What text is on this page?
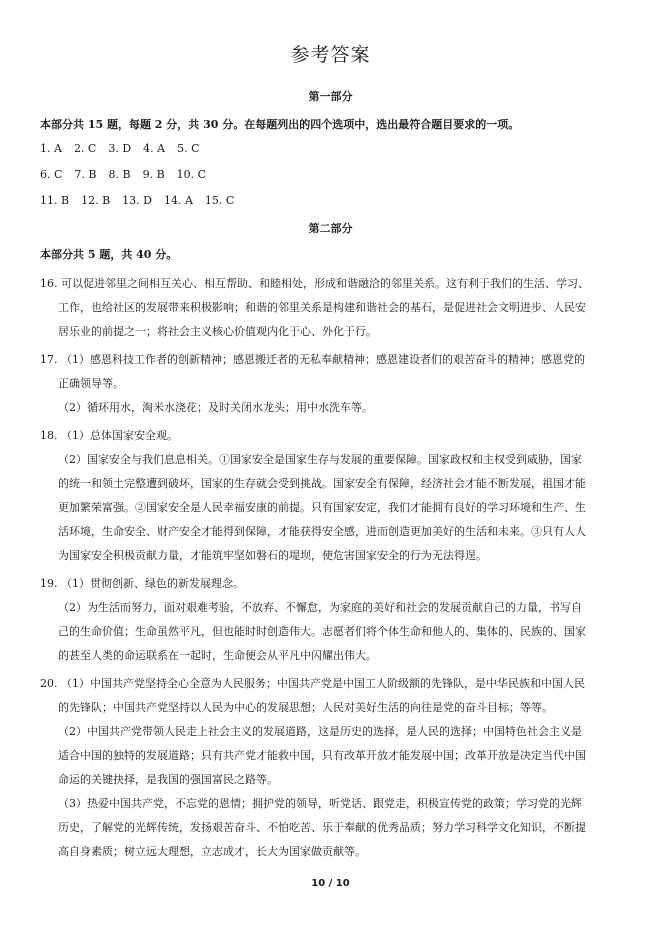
参考答案
第一部分
本部分共 15 题，每题 2 分，共 30 分。在每题列出的四个选项中，选出最符合题目要求的一项。
1. A 2. C 3. D 4. A 5. C
6. C 7. B 8. B 9. B 10. C
11. B 12. B 13. D 14. A 15. C
第二部分
本部分共 5 题，共 40 分。
16. 可以促进邻里之间相互关心、相互帮助、和睦相处，形成和谐融洽的邻里关系。这有利于我们的生活、学习、
工作，也给社区的发展带来积极影响；和谐的邻里关系是构建和谐社会的基石，是促进社会文明进步、人民安
居乐业的前提之一；将社会主义核心价值观内化于心、外化于行。
17. （1）感恩科技工作者的创新精神；感恩搬迁者的无私奉献精神；感恩建设者们的艰苦奋斗的精神；感恩党的
正确领导等。
（2）循环用水，淘米水浇花；及时关闭水龙头；用中水洗车等。
18. （1）总体国家安全观。
（2）国家安全与我们息息相关。①国家安全是国家生存与发展的重要保障。国家政权和主权受到威胁，国家
的统一和领土完整遭到破坏，国家的生存就会受到挑战。国家安全有保障，经济社会才能不断发展，祖国才能
更加繁荣富强。②国家安全是人民幸福安康的前提。只有国家安定，我们才能拥有良好的学习环境和生产、生
活环境，生命安全、财产安全才能得到保障，才能获得安全感，进而创造更加美好的生活和未来。③只有人人
为国家安全积极贡献力量，才能筑牢坚如磐石的堤坝，使危害国家安全的行为无法得逞。
19. （1）贯彻创新、绿色的新发展理念。
（2）为生活而努力，面对艰难考验，不放弃、不懈怠，为家庭的美好和社会的发展贡献自己的力量，书写自
己的生命价值；生命虽然平凡，但也能时时创造伟大。志愿者们将个体生命和他人的、集体的、民族的、国家
的甚至人类的命运联系在一起时，生命便会从平凡中闪耀出伟大。
20. （1）中国共产党坚持全心全意为人民服务；中国共产党是中国工人阶级额的先锋队，是中华民族和中国人民
的先锋队；中国共产党坚持以人民为中心的发展思想；人民对美好生活的向往是党的奋斗目标；等等。
（2）中国共产党带领人民走上社会主义的发展道路，这是历史的选择，是人民的选择；中国特色社会主义是
适合中国的独特的发展道路；只有共产党才能救中国，只有改革开放才能发展中国；改革开放是决定当代中国
命运的关键抉择，是我国的强国富民之路等。
（3）热爱中国共产党，不忘党的恩情；拥护党的领导，听党话、跟党走，积极宣传党的政策；学习党的光辉
历史，了解党的光辉传统，发扬艰苦奋斗、不怕吃苦、乐于奉献的优秀品质；努力学习科学文化知识，不断提
高自身素质；树立远大理想，立志成才，长大为国家做贡献等。
10 / 10
